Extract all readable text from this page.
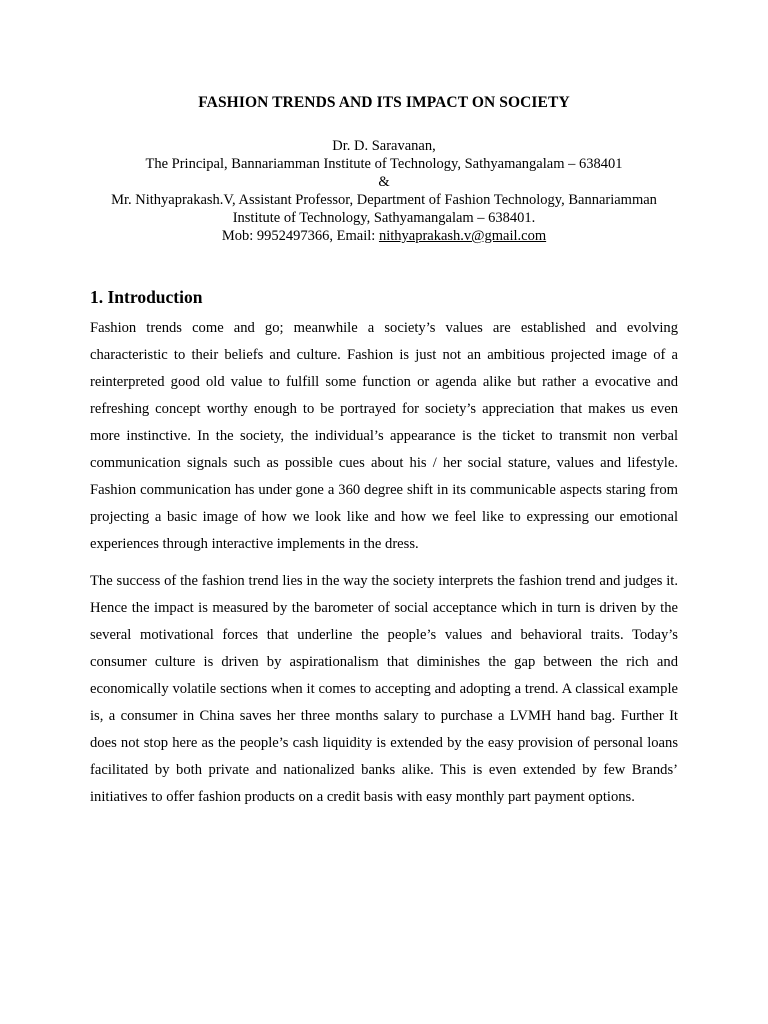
FASHION TRENDS AND ITS IMPACT ON SOCIETY
Dr. D. Saravanan,
The Principal, Bannariamman Institute of Technology, Sathyamangalam – 638401
&
Mr. Nithyaprakash.V, Assistant Professor, Department of Fashion Technology, Bannariamman
Institute of Technology, Sathyamangalam – 638401.
Mob: 9952497366, Email: nithyaprakash.v@gmail.com
1. Introduction

Fashion trends come and go; meanwhile a society’s values are established and evolving characteristic to their beliefs and culture. Fashion is just not an ambitious projected image of a reinterpreted good old value to fulfill some function or agenda alike but rather a evocative and refreshing concept worthy enough to be portrayed for society’s appreciation that makes us even more instinctive. In the society, the individual’s appearance is the ticket to transmit non verbal communication signals such as possible cues about his / her social stature, values and lifestyle. Fashion communication has under gone a 360 degree shift in its communicable aspects staring from projecting a basic image of how we look like and how we feel like to expressing our emotional experiences through interactive implements in the dress.

The success of the fashion trend lies in the way the society interprets the fashion trend and judges it. Hence the impact is measured by the barometer of social acceptance which in turn is driven by the several motivational forces that underline the people’s values and behavioral traits. Today’s consumer culture is driven by aspirationalism that diminishes the gap between the rich and economically volatile sections when it comes to accepting and adopting a trend. A classical example is, a consumer in China saves her three months salary to purchase a LVMH hand bag. Further It does not stop here as the people’s cash liquidity is extended by the easy provision of personal loans facilitated by both private and nationalized banks alike. This is even extended by few Brands’ initiatives to offer fashion products on a credit basis with easy monthly part payment options.
